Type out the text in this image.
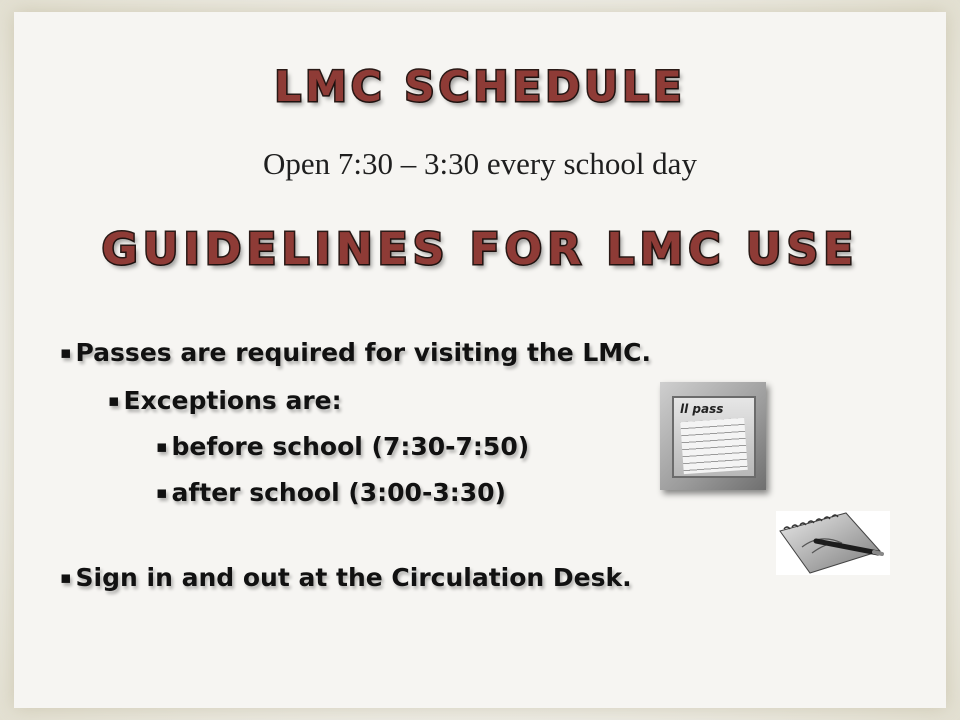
LMC SCHEDULE
Open 7:30 – 3:30 every school day
GUIDELINES FOR LMC USE
▪ Passes are required for visiting the LMC.
▪ Exceptions are:
▪ before school (7:30-7:50)
▪ after school (3:00-3:30)
▪ Sign in and out at the Circulation Desk.
ll pass
